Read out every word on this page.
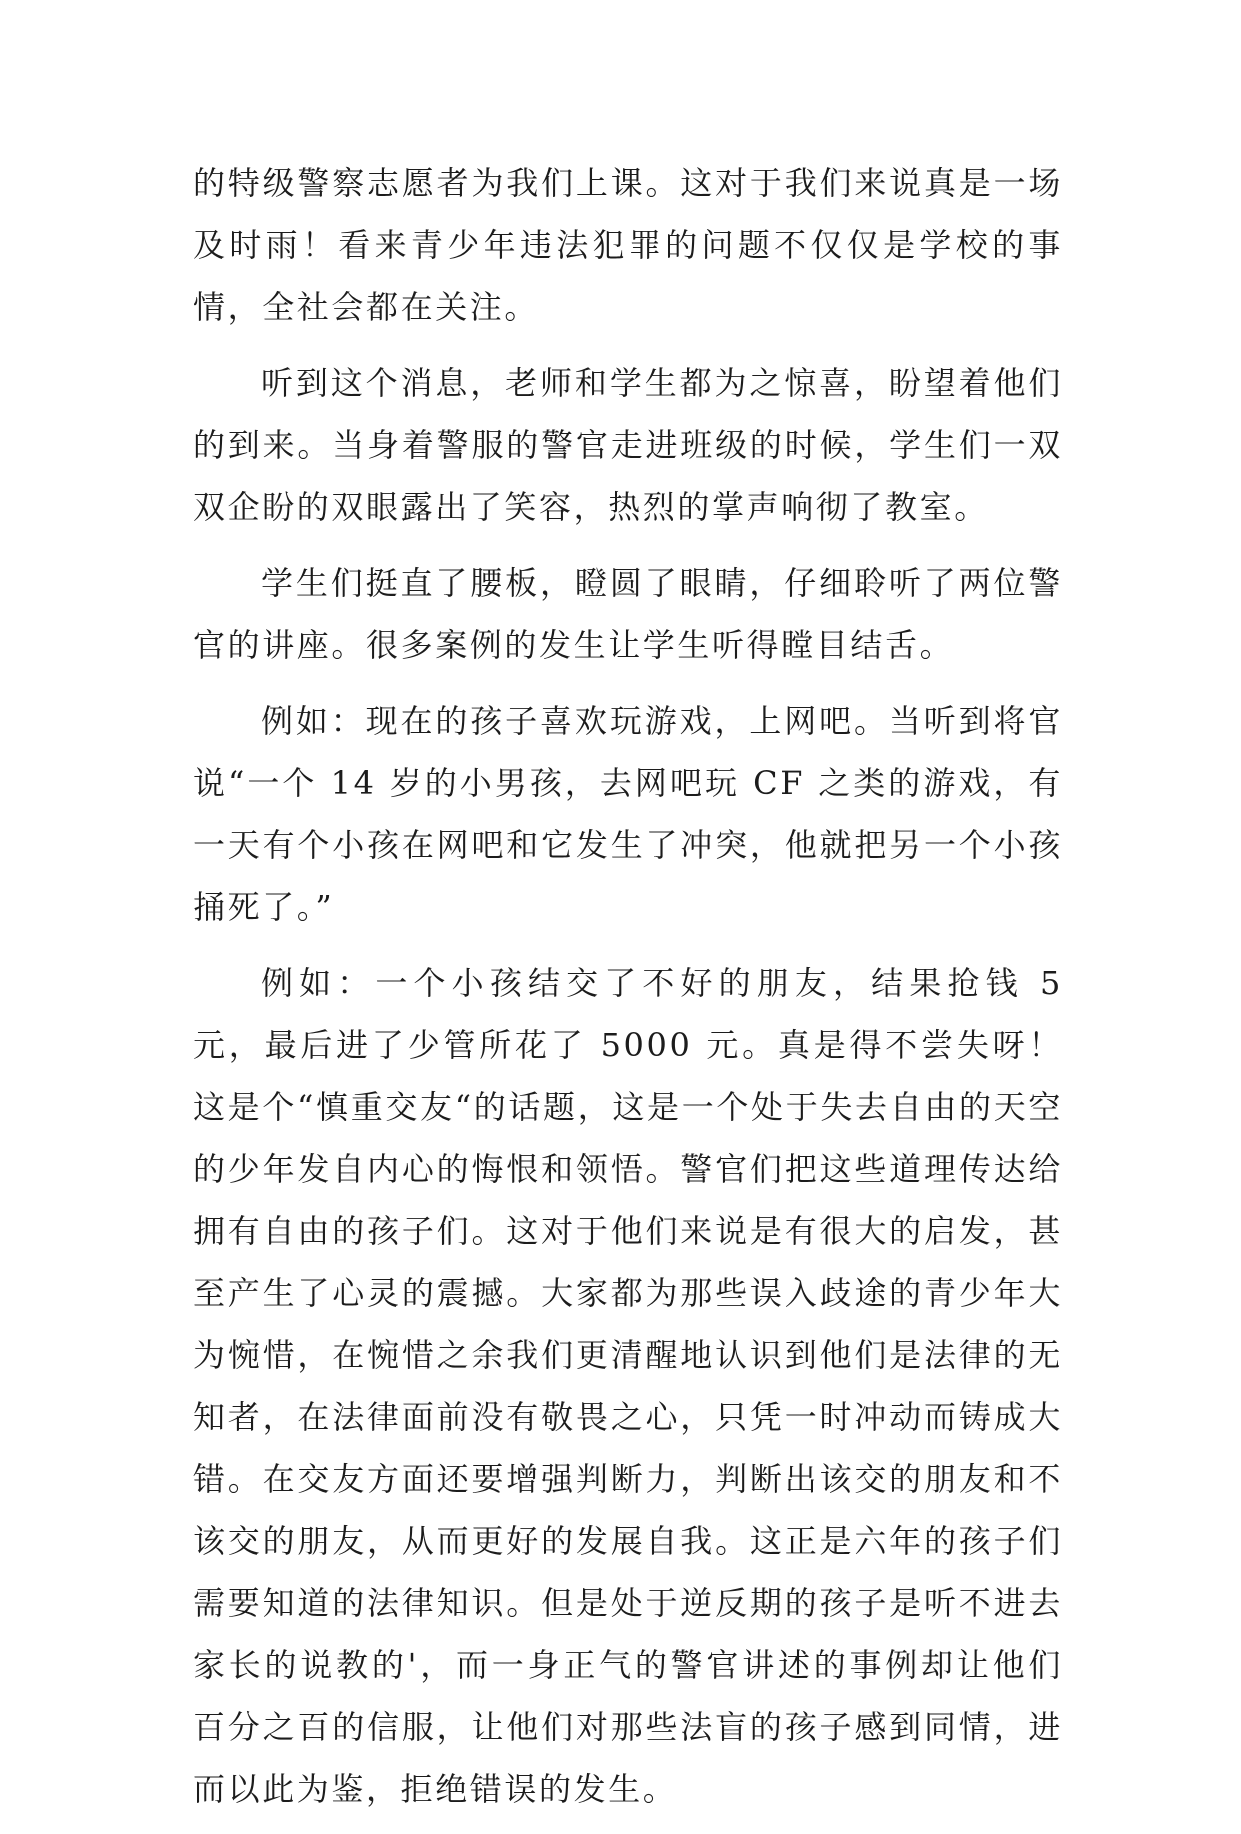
的特级警察志愿者为我们上课。这对于我们来说真是一场及时雨！看来青少年违法犯罪的问题不仅仅是学校的事情，全社会都在关注。

听到这个消息，老师和学生都为之惊喜，盼望着他们的到来。当身着警服的警官走进班级的时候，学生们一双双企盼的双眼露出了笑容，热烈的掌声响彻了教室。

学生们挺直了腰板，瞪圆了眼睛，仔细聆听了两位警官的讲座。很多案例的发生让学生听得瞠目结舌。

例如：现在的孩子喜欢玩游戏，上网吧。当听到将官说“一个 14 岁的小男孩，去网吧玩 CF 之类的游戏，有一天有个小孩在网吧和它发生了冲突，他就把另一个小孩捅死了。”

例如：一个小孩结交了不好的朋友，结果抢钱 5 元，最后进了少管所花了 5000 元。真是得不尝失呀！这是个“慎重交友“的话题，这是一个处于失去自由的天空的少年发自内心的悔恨和领悟。警官们把这些道理传达给拥有自由的孩子们。这对于他们来说是有很大的启发，甚至产生了心灵的震撼。大家都为那些误入歧途的青少年大为惋惜，在惋惜之余我们更清醒地认识到他们是法律的无知者，在法律面前没有敬畏之心，只凭一时冲动而铸成大错。在交友方面还要增强判断力，判断出该交的朋友和不该交的朋友，从而更好的发展自我。这正是六年的孩子们需要知道的法律知识。但是处于逆反期的孩子是听不进去家长的说教的'，而一身正气的警官讲述的事例却让他们百分之百的信服，让他们对那些法盲的孩子感到同情，进而以此为鉴，拒绝错误的发生。
